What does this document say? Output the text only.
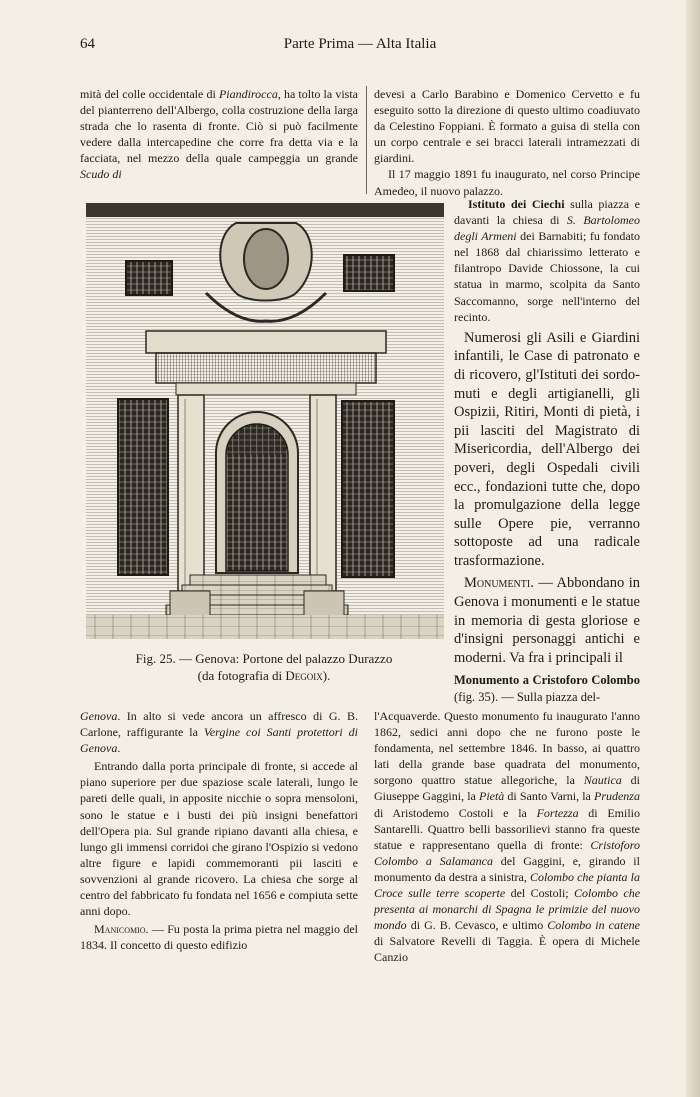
64	Parte Prima — Alta Italia

mità del colle occidentale di Piandirocca, ha tolto la vista del pianterreno dell'Albergo, colla costruzione della larga strada che lo rasenta di fronte. Ciò si può facilmente vedere dalla intercapedine che corre fra detta via e la facciata, nel mezzo della quale campeggia un grande Scudo di

devesi a Carlo Barabino e Domenico Cervetto e fu eseguito sotto la direzione di questo ultimo coadiuvato da Celestino Foppiani. È formato a guisa di stella con un corpo centrale e sei bracci laterali intramezzati di giardini.

Il 17 maggio 1891 fu inaugurato, nel corso Principe Amedeo, il nuovo palazzo.

Fig. 25. — Genova: Portone del palazzo Durazzo
(da fotografia di Degoix).

Istituto dei Ciechi sulla piazza e davanti la chiesa di S. Bartolomeo degli Armeni dei Barnabiti; fu fondato nel 1868 dal chiarissimo letterato e filantropo Davide Chiossone, la cui statua in marmo, scolpita da Santo Saccomanno, sorge nell'interno del recinto.

Numerosi gli Asili e Giardini infantili, le Case di patronato e di ricovero, gl'Istituti dei sordo-muti e degli artigianelli, gli Ospizii, Ritiri, Monti di pietà, i pii lasciti del Magistrato di Misericordia, dell'Albergo dei poveri, degli Ospedali civili ecc., fondazioni tutte che, dopo la promulgazione della legge sulle Opere pie, verranno sottoposte ad una radicale trasformazione.

Monumenti. — Abbondano in Genova i monumenti e le statue in memoria di gesta gloriose e d'insigni personaggi antichi e moderni. Va fra i principali il

Monumento a Cristoforo Colombo (fig. 35). — Sulla piazza del-

Genova. In alto si vede ancora un affresco di G. B. Carlone, raffigurante la Vergine coi Santi protettori di Genova.

Entrando dalla porta principale di fronte, si accede al piano superiore per due spaziose scale laterali, lungo le pareti delle quali, in apposite nicchie o sopra mensoloni, sono le statue e i busti dei più insigni benefattori dell'Opera pia. Sul grande ripiano davanti alla chiesa, e lungo gli immensi corridoi che girano l'Ospizio si vedono altre figure e lapidi commemoranti pii lasciti e sovvenzioni al grande ricovero. La chiesa che sorge al centro del fabbricato fu fondata nel 1656 e compiuta sette anni dopo.

Manicomio. — Fu posta la prima pietra nel maggio del 1834. Il concetto di questo edifizio

l'Acquaverde. Questo monumento fu inaugurato l'anno 1862, sedici anni dopo che ne furono poste le fondamenta, nel settembre 1846. In basso, ai quattro lati della grande base quadrata del monumento, sorgono quattro statue allegoriche, la Nautica di Giuseppe Gaggini, la Pietà di Santo Varni, la Prudenza di Aristodemo Costoli e la Fortezza di Emilio Santarelli. Quattro belli bassorilievi stanno fra queste statue e rappresentano quella di fronte: Cristoforo Colombo a Salamanca del Gaggini, e, girando il monumento da destra a sinistra, Colombo che pianta la Croce sulle terre scoperte del Costoli; Colombo che presenta ai monarchi di Spagna le primizie del nuovo mondo di G. B. Cevasco, e ultimo Colombo in catene di Salvatore Revelli di Taggia. È opera di Michele Canzio
